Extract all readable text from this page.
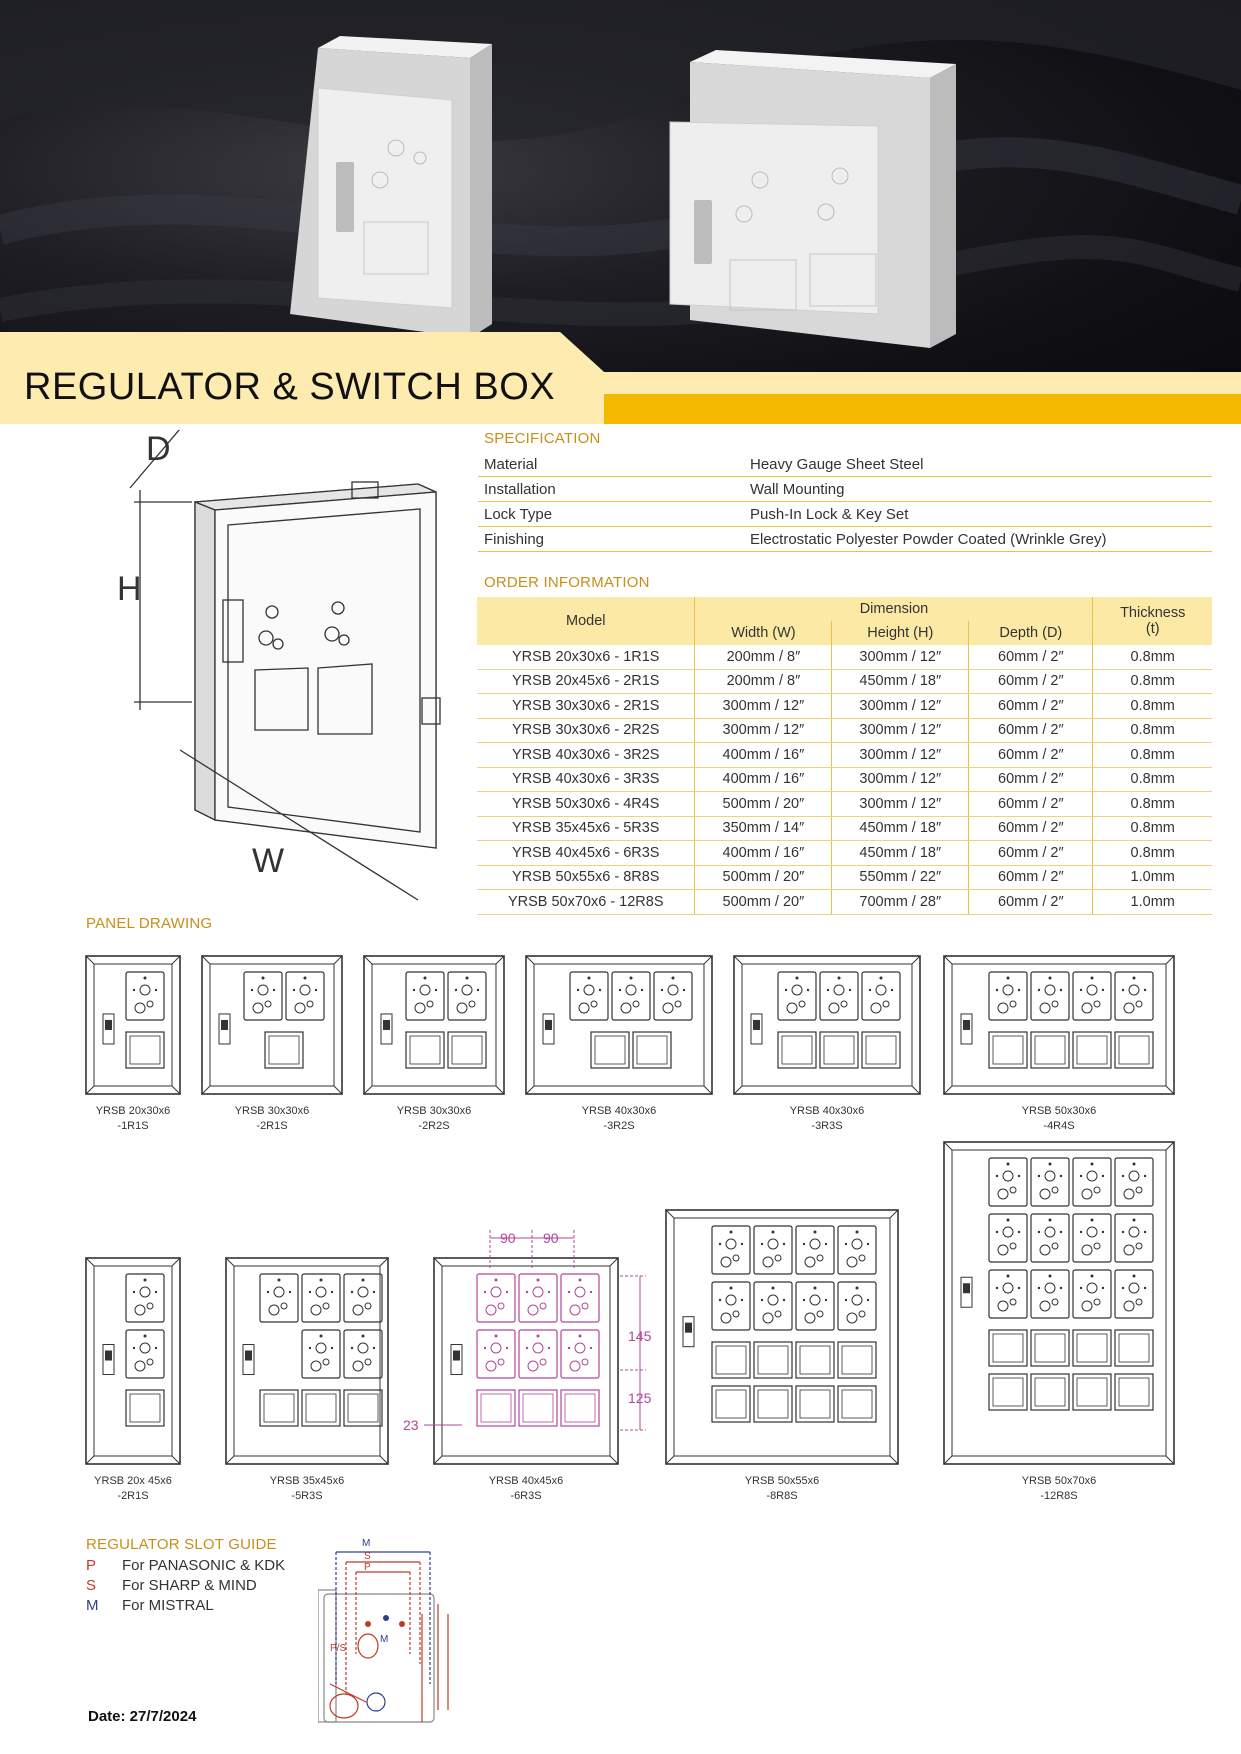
REGULATOR & SWITCH BOX
D
H
W
SPECIFICATION
Material	Heavy Gauge Sheet Steel
Installation	Wall Mounting
Lock Type	Push-In Lock & Key Set
Finishing	Electrostatic Polyester Powder Coated (Wrinkle Grey)
ORDER INFORMATION
Model	Dimension			Thickness
	Width (W)	Height (H)	Depth (D)	(t)
YRSB 20x30x6 - 1R1S	200mm / 8″	300mm / 12″	60mm / 2″	0.8mm
YRSB 20x45x6 - 2R1S	200mm / 8″	450mm / 18″	60mm / 2″	0.8mm
YRSB 30x30x6 - 2R1S	300mm / 12″	300mm / 12″	60mm / 2″	0.8mm
YRSB 30x30x6 - 2R2S	300mm / 12″	300mm / 12″	60mm / 2″	0.8mm
YRSB 40x30x6 - 3R2S	400mm / 16″	300mm / 12″	60mm / 2″	0.8mm
YRSB 40x30x6 - 3R3S	400mm / 16″	300mm / 12″	60mm / 2″	0.8mm
YRSB 50x30x6 - 4R4S	500mm / 20″	300mm / 12″	60mm / 2″	0.8mm
YRSB 35x45x6 - 5R3S	350mm / 14″	450mm / 18″	60mm / 2″	0.8mm
YRSB 40x45x6 - 6R3S	400mm / 16″	450mm / 18″	60mm / 2″	0.8mm
YRSB 50x55x6 - 8R8S	500mm / 20″	550mm / 22″	60mm / 2″	1.0mm
YRSB 50x70x6 - 12R8S	500mm / 20″	700mm / 28″	60mm / 2″	1.0mm
PANEL DRAWING
YRSB 20x30x6
-1R1S
YRSB 30x30x6
-2R1S
YRSB 30x30x6
-2R2S
YRSB 40x30x6
-3R2S
YRSB 40x30x6
-3R3S
YRSB 50x30x6
-4R4S
YRSB 20x 45x6
-2R1S
YRSB 35x45x6
-5R3S
YRSB 40x45x6
-6R3S
YRSB 50x55x6
-8R8S
YRSB 50x70x6
-12R8S
90 90
145
125
23
REGULATOR SLOT GUIDE
P For PANASONIC & KDK
S For SHARP & MIND
M For MISTRAL
M
S
P
P/S
M
Date: 27/7/2024
